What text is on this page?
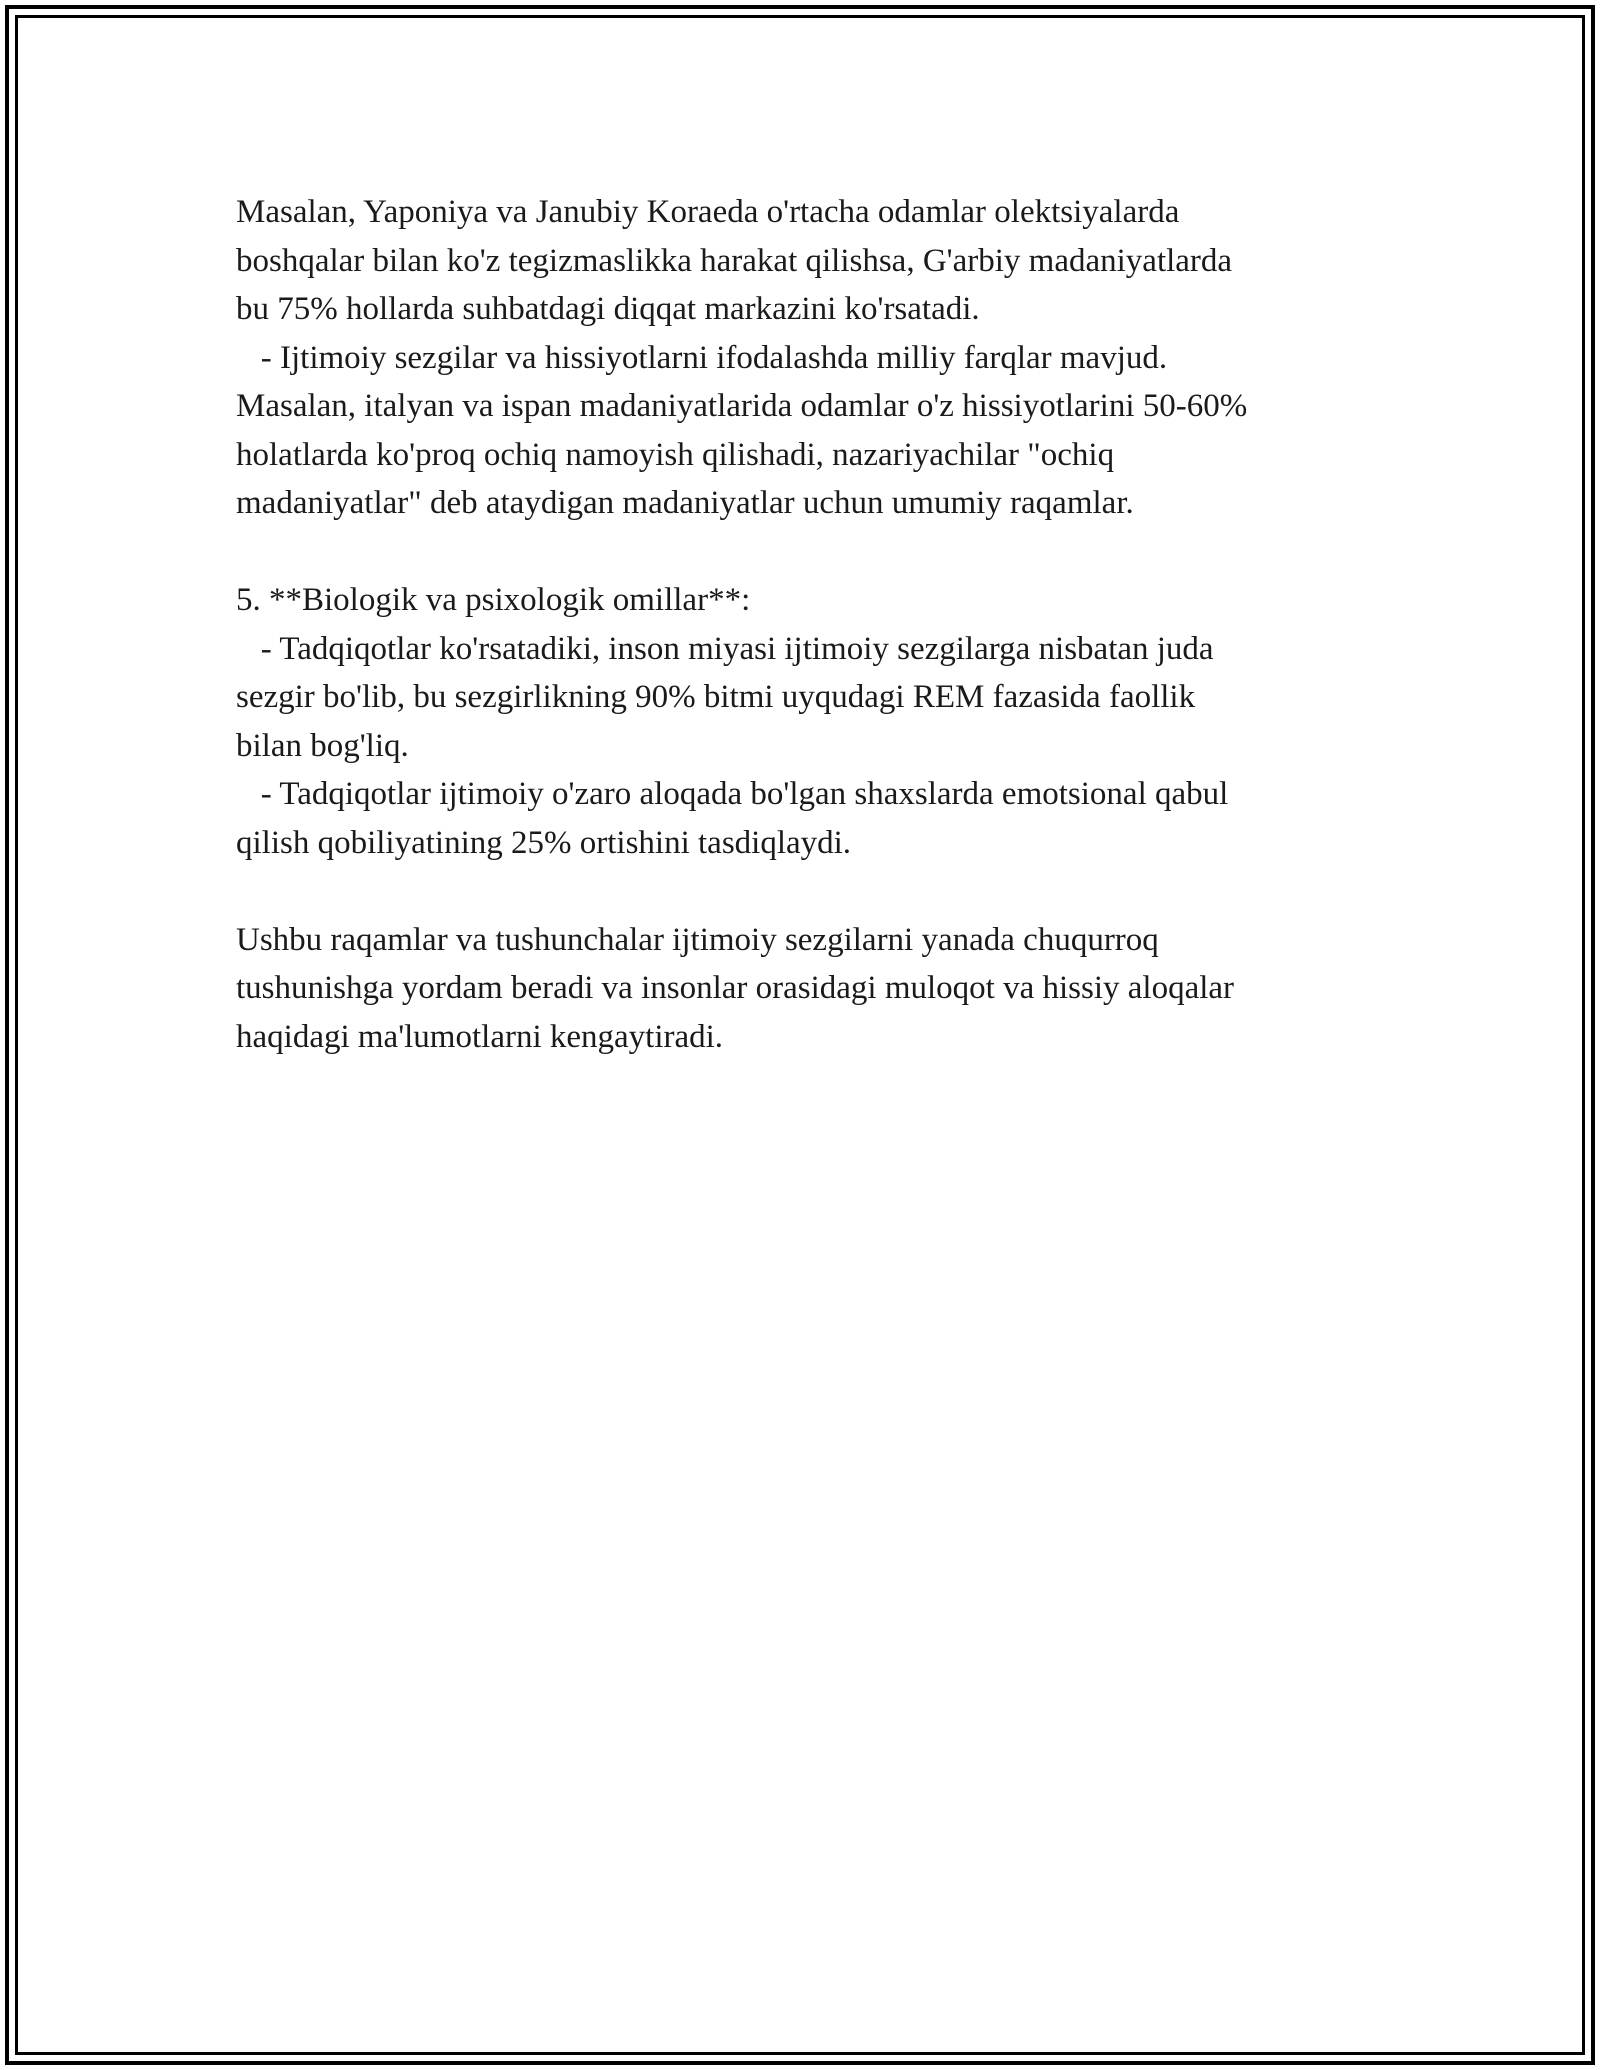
Masalan, Yaponiya va Janubiy Koraeda o'rtacha odamlar olektsiyalarda
boshqalar bilan ko'z tegizmaslikka harakat qilishsa, G'arbiy madaniyatlarda
bu 75% hollarda suhbatdagi diqqat markazini ko'rsatadi.
- Ijtimoiy sezgilar va hissiyotlarni ifodalashda milliy farqlar mavjud.
Masalan, italyan va ispan madaniyatlarida odamlar o'z hissiyotlarini 50-60%
holatlarda ko'proq ochiq namoyish qilishadi, nazariyachilar "ochiq
madaniyatlar" deb ataydigan madaniyatlar uchun umumiy raqamlar.
5. **Biologik va psixologik omillar**:
- Tadqiqotlar ko'rsatadiki, inson miyasi ijtimoiy sezgilarga nisbatan juda
sezgir bo'lib, bu sezgirlikning 90% bitmi uyqudagi REM fazasida faollik
bilan bog'liq.
- Tadqiqotlar ijtimoiy o'zaro aloqada bo'lgan shaxslarda emotsional qabul
qilish qobiliyatining 25% ortishini tasdiqlaydi.
Ushbu raqamlar va tushunchalar ijtimoiy sezgilarni yanada chuqurroq
tushunishga yordam beradi va insonlar orasidagi muloqot va hissiy aloqalar
haqidagi ma'lumotlarni kengaytiradi.
